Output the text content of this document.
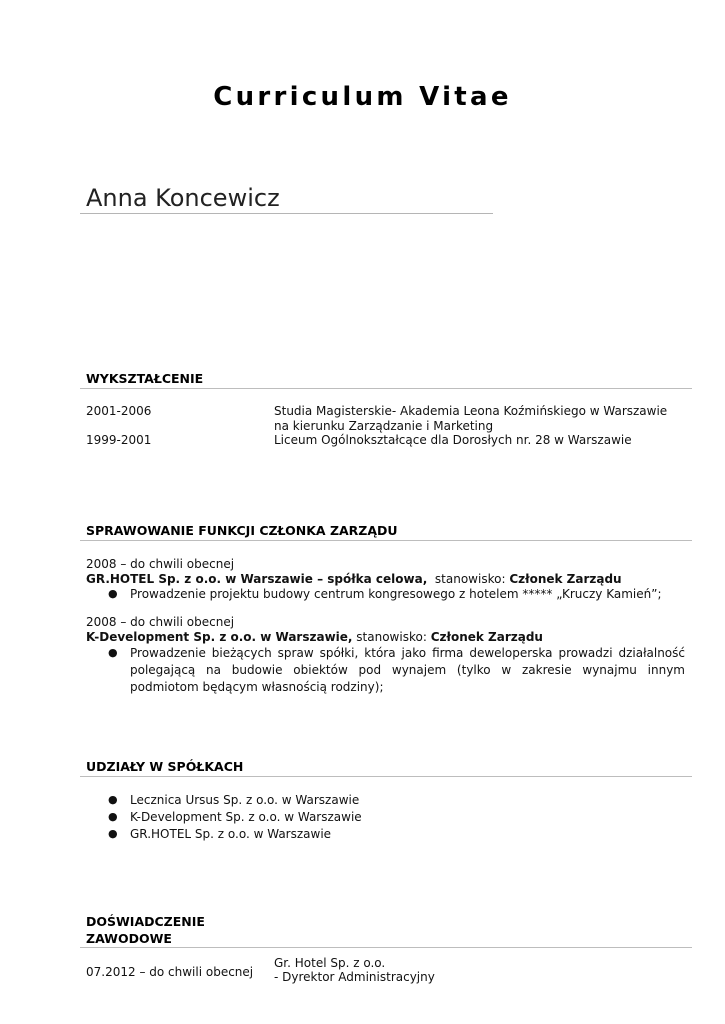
Curriculum Vitae
Anna Koncewicz
WYKSZTAŁCENIE
2001-2006	Studia Magisterskie- Akademia Leona Koźmińskiego w Warszawie
na kierunku Zarządzanie i Marketing
1999-2001	Liceum Ogólnokształcące dla Dorosłych nr. 28 w Warszawie
SPRAWOWANIE FUNKCJI CZŁONKA ZARZĄDU
2008 – do chwili obecnej
GR.HOTEL Sp. z o.o. w Warszawie – spółka celowa, stanowisko: Członek Zarządu
● Prowadzenie projektu budowy centrum kongresowego z hotelem ***** „Kruczy Kamień”;
2008 – do chwili obecnej
K-Development Sp. z o.o. w Warszawie, stanowisko: Członek Zarządu
● Prowadzenie bieżących spraw spółki, która jako firma deweloperska prowadzi działalność polegającą na budowie obiektów pod wynajem (tylko w zakresie wynajmu innym podmiotom będącym własnością rodziny);
UDZIAŁY W SPÓŁKACH
● Lecznica Ursus Sp. z o.o. w Warszawie
● K-Development Sp. z o.o. w Warszawie
● GR.HOTEL Sp. z o.o. w Warszawie
DOŚWIADCZENIE
ZAWODOWE
07.2012 – do chwili obecnej
Gr. Hotel Sp. z o.o.
- Dyrektor Administracyjny
